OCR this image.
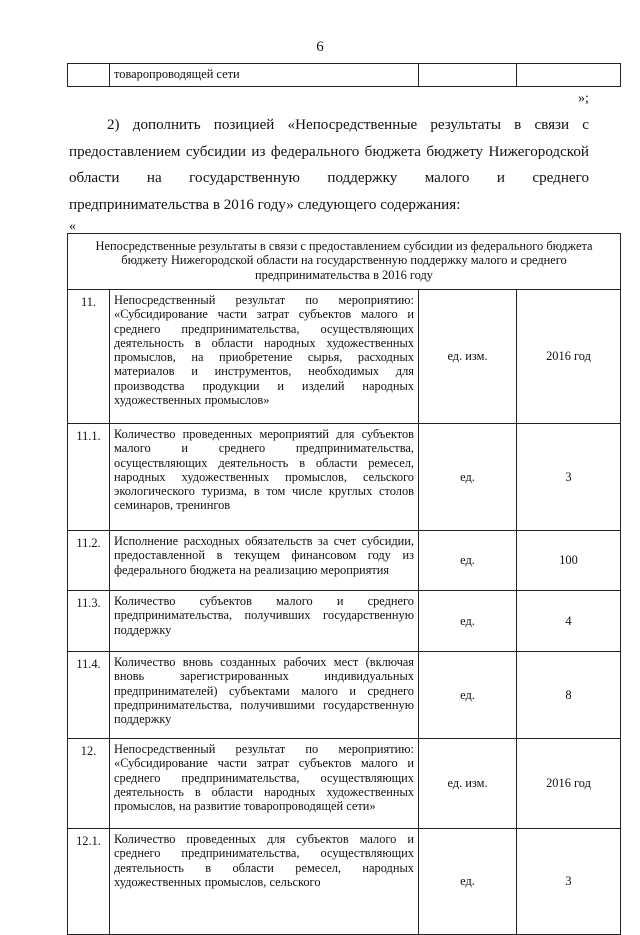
6

товаропроводящей сети

»;

2) дополнить позицией «Непосредственные результаты в связи с предоставлением субсидии из федерального бюджета бюджету Нижегородской области на государственную поддержку малого и среднего предпринимательства в 2016 году» следующего содержания:

«
Непосредственные результаты в связи с предоставлением субсидии из федерального бюджета бюджету Нижегородской области на государственную поддержку малого и среднего предпринимательства в 2016 году			
11.	Непосредственный результат по мероприятию: «Субсидирование части затрат субъектов малого и среднего предпринимательства, осуществляющих деятельность в области народных художественных промыслов, на приобретение сырья, расходных материалов и инструментов, необходимых для производства продукции и изделий народных художественных промыслов»	ед. изм.	2016 год
11.1.	Количество проведенных мероприятий для субъектов малого и среднего предпринимательства, осуществляющих деятельность в области ремесел, народных художественных промыслов, сельского экологического туризма, в том числе круглых столов семинаров, тренингов	ед.	3
11.2.	Исполнение расходных обязательств за счет субсидии, предоставленной в текущем финансовом году из федерального бюджета на реализацию мероприятия	ед.	100
11.3.	Количество субъектов малого и среднего предпринимательства, получивших государственную поддержку	ед.	4
11.4.	Количество вновь созданных рабочих мест (включая вновь зарегистрированных индивидуальных предпринимателей) субъектами малого и среднего предпринимательства, получившими государственную поддержку	ед.	8
12.	Непосредственный результат по мероприятию: «Субсидирование части затрат субъектов малого и среднего предпринимательства, осуществляющих деятельность в области народных художественных промыслов, на развитие товаропроводящей сети»	ед. изм.	2016 год
12.1.	Количество проведенных для субъектов малого и среднего предпринимательства, осуществляющих деятельность в области ремесел, народных художественных промыслов, сельского	ед.	3
